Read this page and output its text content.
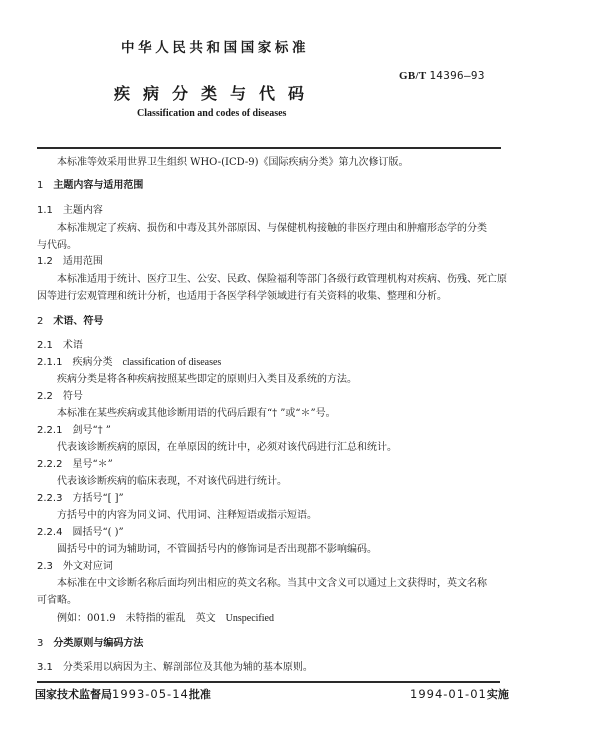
中华人民共和国国家标准
GB/T 14396—93
疾病分类与代码
Classification and codes of diseases
本标准等效采用世界卫生组织 WHO-(ICD-9)《国际疾病分类》第九次修订版。
1 主题内容与适用范围
1.1 主题内容
本标准规定了疾病、损伤和中毒及其外部原因、与保健机构接触的非医疗理由和肿瘤形态学的分类
与代码。
1.2 适用范围
本标准适用于统计、医疗卫生、公安、民政、保险福利等部门各级行政管理机构对疾病、伤残、死亡原
因等进行宏观管理和统计分析，也适用于各医学科学领域进行有关资料的收集、整理和分析。
2 术语、符号
2.1 术语
2.1.1 疾病分类 classification of diseases
疾病分类是将各种疾病按照某些即定的原则归入类目及系统的方法。
2.2 符号
本标准在某些疾病或其他诊断用语的代码后跟有“† ”或“＊”号。
2.2.1 剑号“† ”
代表该诊断疾病的原因，在单原因的统计中，必须对该代码进行汇总和统计。
2.2.2 星号“＊”
代表该诊断疾病的临床表现，不对该代码进行统计。
2.2.3 方括号“[ ]”
方括号中的内容为同义词、代用词、注释短语或指示短语。
2.2.4 圆括号“( )”
圆括号中的词为辅助词，不管圆括号内的修饰词是否出现都不影响编码。
2.3 外文对应词
本标准在中文诊断名称后面均列出相应的英文名称。当其中文含义可以通过上文获得时，英文名称
可省略。
例如：001.9 未特指的霍乱 英文 Unspecified
3 分类原则与编码方法
3.1 分类采用以病因为主、解剖部位及其他为辅的基本原则。
国家技术监督局1993-05-14批准	1994-01-01实施
